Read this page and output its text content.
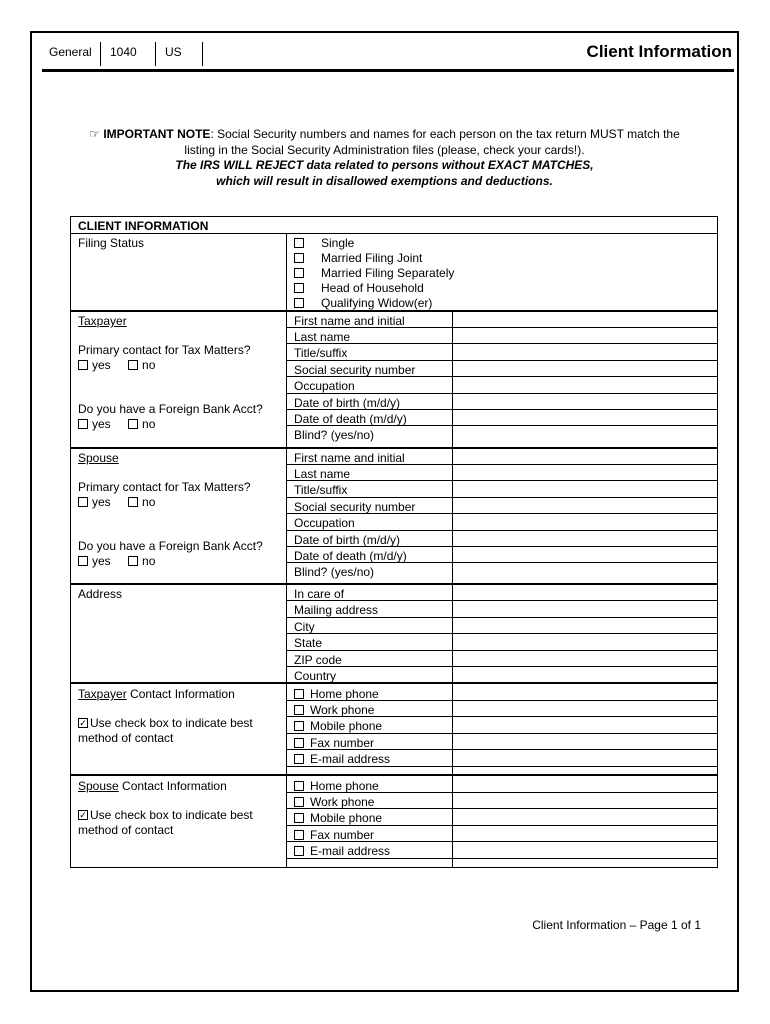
General	1040	US	Client Information
☞ IMPORTANT NOTE: Social Security numbers and names for each person on the tax return MUST match the
listing in the Social Security Administration files (please, check your cards!).
The IRS WILL REJECT data related to persons without EXACT MATCHES,
which will result in disallowed exemptions and deductions.
CLIENT INFORMATION
Filing Status	Single
Married Filing Joint
Married Filing Separately
Head of Household
Qualifying Widow(er)
Taxpayer
Primary contact for Tax Matters?
yes	no
Do you have a Foreign Bank Acct?
yes	no
First name and initial
Last name
Title/suffix
Social security number
Occupation
Date of birth (m/d/y)
Date of death (m/d/y)
Blind? (yes/no)
Spouse
Primary contact for Tax Matters?
yes	no
Do you have a Foreign Bank Acct?
yes	no
First name and initial
Last name
Title/suffix
Social security number
Occupation
Date of birth (m/d/y)
Date of death (m/d/y)
Blind? (yes/no)
Address	In care of
Mailing address
City
State
ZIP code
Country
Taxpayer Contact Information
✓ Use check box to indicate best
method of contact
Home phone
Work phone
Mobile phone
Fax number
E-mail address
Spouse Contact Information
✓ Use check box to indicate best
method of contact
Home phone
Work phone
Mobile phone
Fax number
E-mail address
Client Information – Page 1 of 1
